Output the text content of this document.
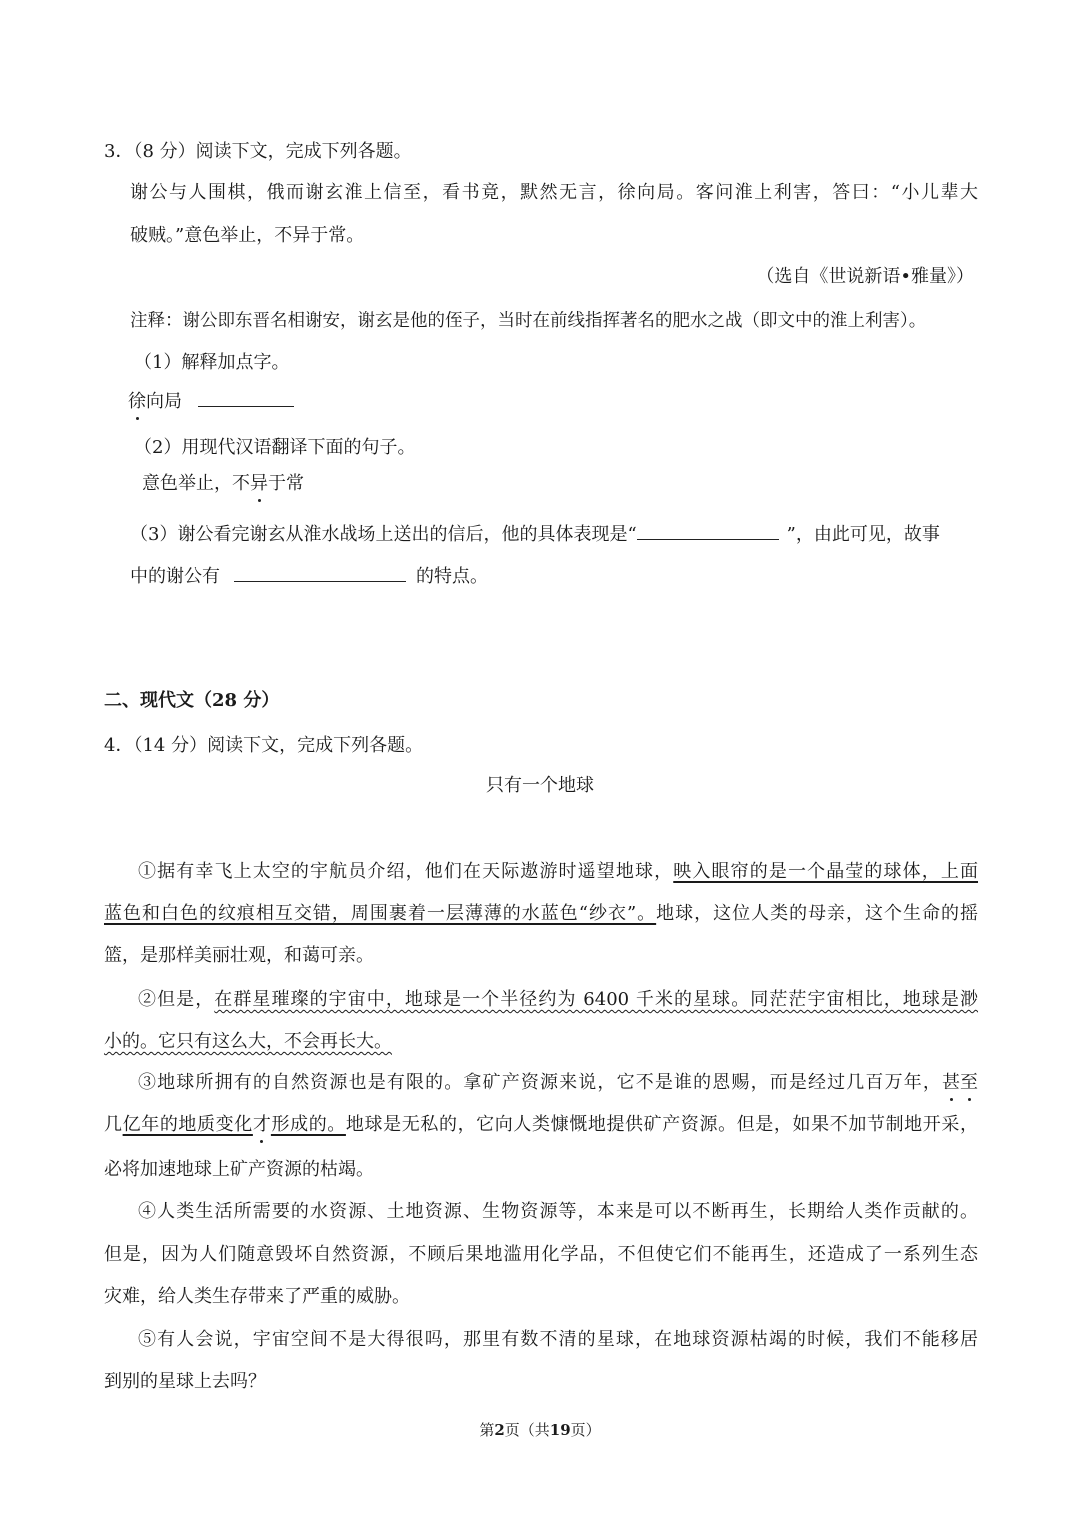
3．（8 分）阅读下文，完成下列各题。
谢公与人围棋，俄而谢玄淮上信至，看书竟，默然无言，徐向局。客问淮上利害，答曰：“小儿辈大
破贼。”意色举止，不异于常。
（选自《世说新语•雅量》）
注释：谢公即东晋名相谢安，谢玄是他的侄子，当时在前线指挥著名的肥水之战（即文中的淮上利害）。
（1）解释加点字。
徐向局
（2）用现代汉语翻译下面的句子。
意色举止，不异于常
（3）谢公看完谢玄从淮水战场上送出的信后，他的具体表现是“	”，由此可见，故事
中的谢公有	的特点。
二、现代文（28 分）
4．（14 分）阅读下文，完成下列各题。
只有一个地球
①据有幸飞上太空的宇航员介绍，他们在天际遨游时遥望地球，映入眼帘的是一个晶莹的球体，上面
蓝色和白色的纹痕相互交错，周围裹着一层薄薄的水蓝色“纱衣”。地球，这位人类的母亲，这个生命的摇
篮，是那样美丽壮观，和蔼可亲。
②但是，在群星璀璨的宇宙中，地球是一个半径约为 6400 千米的星球。同茫茫宇宙相比，地球是渺
小的。它只有这么大，不会再长大。
③地球所拥有的自然资源也是有限的。拿矿产资源来说，它不是谁的恩赐，而是经过几百万年，甚至
几亿年的地质变化才形成的。地球是无私的，它向人类慷慨地提供矿产资源。但是，如果不加节制地开采，
必将加速地球上矿产资源的枯竭。
④人类生活所需要的水资源、土地资源、生物资源等，本来是可以不断再生，长期给人类作贡献的。
但是，因为人们随意毁坏自然资源，不顾后果地滥用化学品，不但使它们不能再生，还造成了一系列生态
灾难，给人类生存带来了严重的威胁。
⑤有人会说，宇宙空间不是大得很吗，那里有数不清的星球，在地球资源枯竭的时候，我们不能移居
到别的星球上去吗？
第2页（共19页）
